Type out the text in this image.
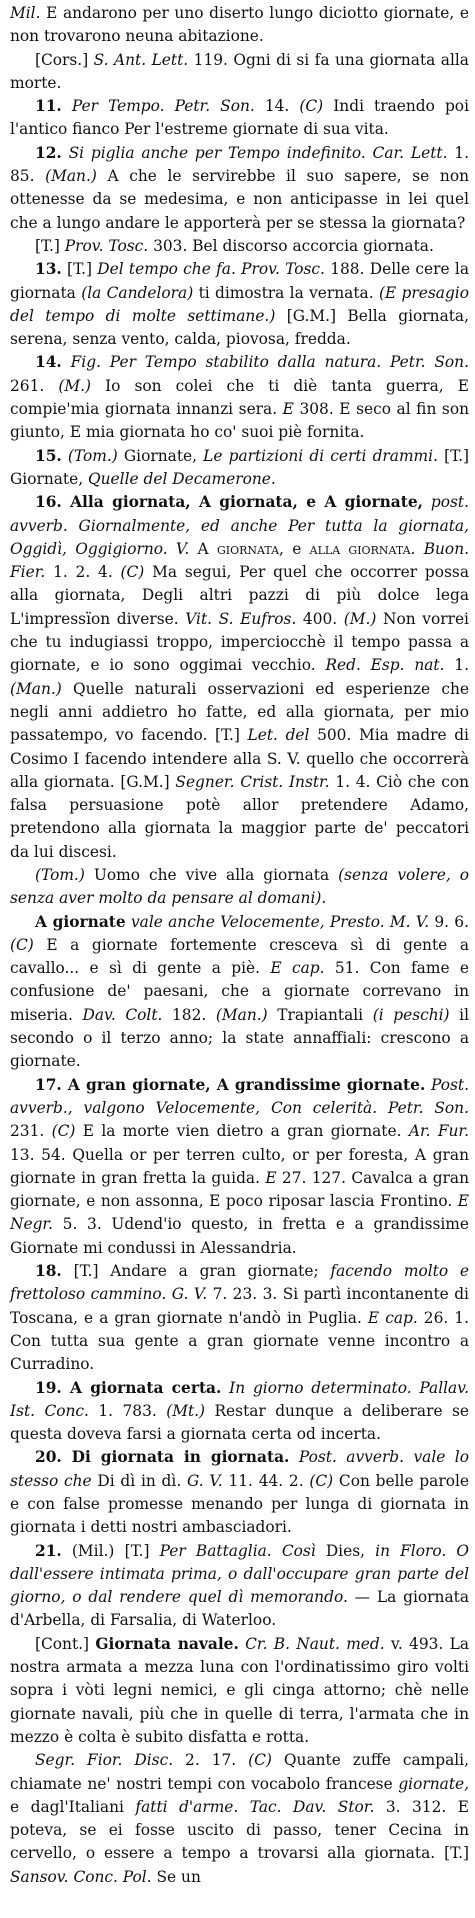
Mil. E andarono per uno diserto lungo diciotto giornate, e non trovarono neuna abitazione.

[Cors.] S. Ant. Lett. 119. Ogni di si fa una giornata alla morte.

11. Per Tempo. Petr. Son. 14. (C) Indi traendo poi l'antico fianco Per l'estreme giornate di sua vita.

12. Si piglia anche per Tempo indefinito. Car. Lett. 1. 85. (Man.) A che le servirebbe il suo sapere, se non ottenesse da se medesima, e non anticipasse in lei quel che a lungo andare le apporterà per se stessa la giornata?

[T.] Prov. Tosc. 303. Bel discorso accorcia giornata.

13. [T.] Del tempo che fa. Prov. Tosc. 188. Delle cere la giornata (la Candelora) ti dimostra la vernata. (E presagio del tempo di molte settimane.) [G.M.] Bella giornata, serena, senza vento, calda, piovosa, fredda.

14. Fig. Per Tempo stabilito dalla natura. Petr. Son. 261. (M.) Io son colei che ti diè tanta guerra, E compie'mia giornata innanzi sera. E 308. E seco al fin son giunto, E mia giornata ho co' suoi piè fornita.

15. (Tom.) Giornate, Le partizioni di certi drammi. [T.] Giornate, Quelle del Decamerone.

16. Alla giornata, A giornata, e A giornate, post. avverb. Giornalmente, ed anche Per tutta la giornata, Oggidì, Oggigiorno. V. A giornata, e alla giornata. Buon. Fier. 1. 2. 4. (C) Ma segui, Per quel che occorrer possa alla giornata, Degli altri pazzi di più dolce lega L'impressïon diverse. Vit. S. Eufros. 400. (M.) Non vorrei che tu indugiassi troppo, imperciocchè il tempo passa a giornate, e io sono oggimai vecchio. Red. Esp. nat. 1. (Man.) Quelle naturali osservazioni ed esperienze che negli anni addietro ho fatte, ed alla giornata, per mio passatempo, vo facendo. [T.] Let. del 500. Mia madre di Cosimo I facendo intendere alla S. V. quello che occorrerà alla giornata. [G.M.] Segner. Crist. Instr. 1. 4. Ciò che con falsa persuasione potè allor pretendere Adamo, pretendono alla giornata la maggior parte de' peccatori da lui discesi.

(Tom.) Uomo che vive alla giornata (senza volere, o senza aver molto da pensare al domani).

A giornate vale anche Velocemente, Presto. M. V. 9. 6. (C) E a giornate fortemente cresceva sì di gente a cavallo... e sì di gente a piè. E cap. 51. Con fame e confusione de' paesani, che a giornate correvano in miseria. Dav. Colt. 182. (Man.) Trapiantali (i peschi) il secondo o il terzo anno; la state annaffiali: crescono a giornate.

17. A gran giornate, A grandissime giornate. Post. avverb., valgono Velocemente, Con celerità. Petr. Son. 231. (C) E la morte vien dietro a gran giornate. Ar. Fur. 13. 54. Quella or per terren culto, or per foresta, A gran giornate in gran fretta la guida. E 27. 127. Cavalca a gran giornate, e non assonna, E poco riposar lascia Frontino. E Negr. 5. 3. Udend'io questo, in fretta e a grandissime Giornate mi condussi in Alessandria.

18. [T.] Andare a gran giornate; facendo molto e frettoloso cammino. G. V. 7. 23. 3. Si partì incontanente di Toscana, e a gran giornate n'andò in Puglia. E cap. 26. 1. Con tutta sua gente a gran giornate venne incontro a Curradino.

19. A giornata certa. In giorno determinato. Pallav. Ist. Conc. 1. 783. (Mt.) Restar dunque a deliberare se questa doveva farsi a giornata certa od incerta.

20. Di giornata in giornata. Post. avverb. vale lo stesso che Di dì in dì. G. V. 11. 44. 2. (C) Con belle parole e con false promesse menando per lunga di giornata in giornata i detti nostri ambasciadori.

21. (Mil.) [T.] Per Battaglia. Così Dies, in Floro. O dall'essere intimata prima, o dall'occupare gran parte del giorno, o dal rendere quel dì memorando. — La giornata d'Arbella, di Farsalia, di Waterloo.

[Cont.] Giornata navale. Cr. B. Naut. med. v. 493. La nostra armata a mezza luna con l'ordinatissimo giro volti sopra i vòti legni nemici, e gli cinga attorno; chè nelle giornate navali, più che in quelle di terra, l'armata che in mezzo è colta è subito disfatta e rotta.

Segr. Fior. Disc. 2. 17. (C) Quante zuffe campali, chiamate ne' nostri tempi con vocabolo francese giornate, e dagl'Italiani fatti d'arme. Tac. Dav. Stor. 3. 312. E poteva, se ei fosse uscito di passo, tener Cecina in cervello, o essere a tempo a trovarsi alla giornata. [T.] Sansov. Conc. Pol. Se un
